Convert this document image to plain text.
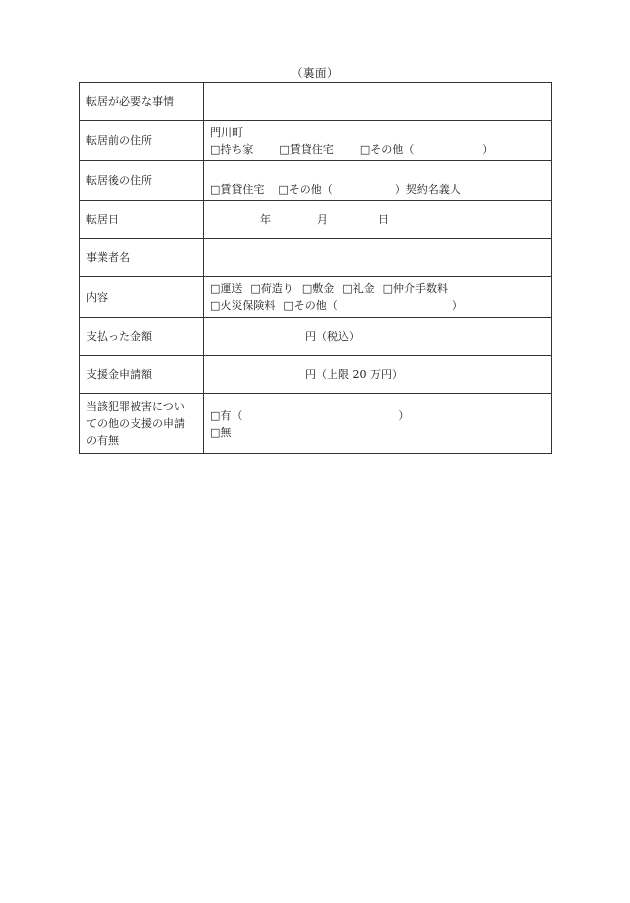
（裏面）
転居が必要な事情	
転居前の住所	門川町
□持ち家 □賃貸住宅 □その他（ ）

転居後の住所	□賃貸住宅 □その他（ ）契約名義人

転居日	年 月 日
事業者名	
内容	□運送 □荷造り □敷金 □礼金 □仲介手数料
□火災保険料 □その他（ ）

支払った金額	円（税込）
支援金申請額	円（上限 20 万円）

当該犯罪被害につい
ての他の支援の申請
の有無	□有（ ）
□無
